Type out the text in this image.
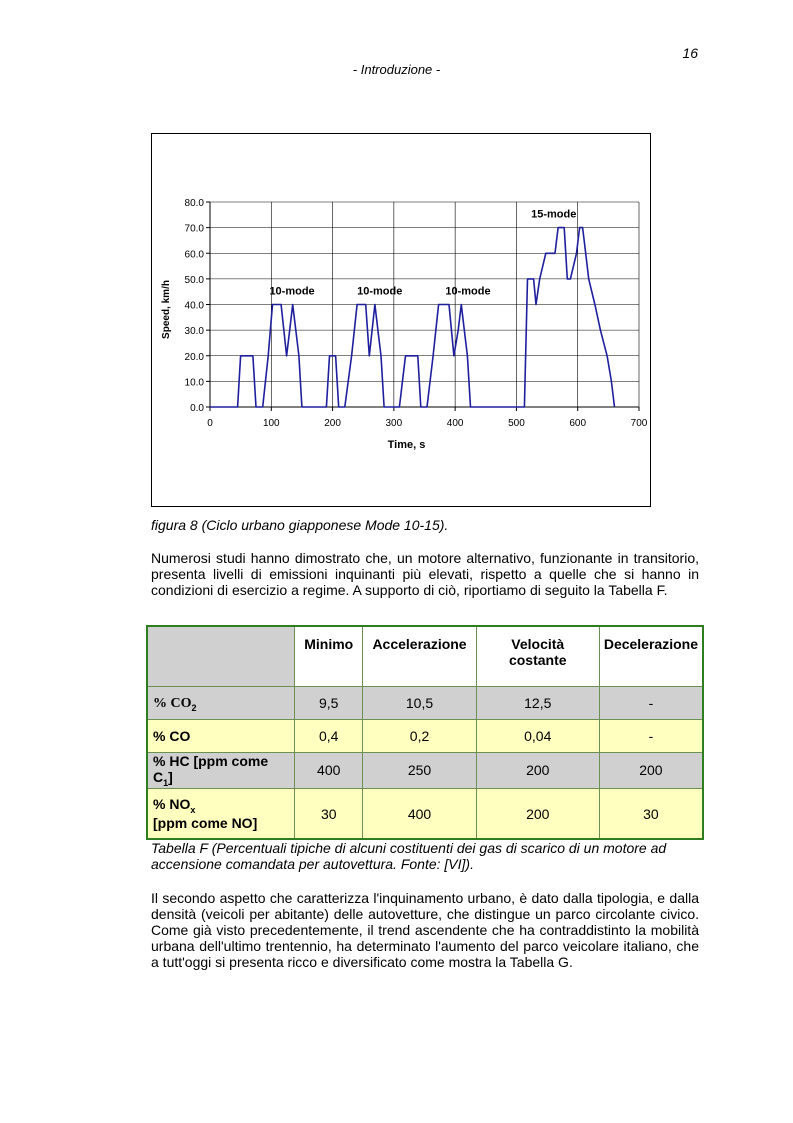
16
- Introduzione -
0	100	200	300	400	500	600	700
0.0
10.0
20.0
30.0
40.0
50.0
60.0
70.0
80.0
Time, s
Speed, km/h	10-mode	10-mode	10-mode
15-mode
figura 8 (Ciclo urbano giapponese Mode 10-15).
Numerosi studi hanno dimostrato che, un motore alternativo, funzionante in transitorio, presenta livelli di emissioni inquinanti più elevati, rispetto a quelle che si hanno in condizioni di esercizio a regime. A supporto di ciò, riportiamo di seguito la Tabella F.
	Minimo	Accelerazione	Velocità costante	Decelerazione
% $CO_2$	9,5	10,5	12,5	-
% CO	0,4	0,2	0,04	-
% HC [ppm come $C_1$]	400	250	200	200
% $NO_x$
[ppm come NO]	30	400	200	30
Tabella F (Percentuali tipiche di alcuni costituenti dei gas di scarico di un motore ad accensione comandata per autovettura. Fonte: [VI]).
Il secondo aspetto che caratterizza l'inquinamento urbano, è dato dalla tipologia, e dalla densità (veicoli per abitante) delle autovetture, che distingue un parco circolante civico. Come già visto precedentemente, il trend ascendente che ha contraddistinto la mobilità urbana dell'ultimo trentennio, ha determinato l'aumento del parco veicolare italiano, che a tutt'oggi si presenta ricco e diversificato come mostra la Tabella G.
